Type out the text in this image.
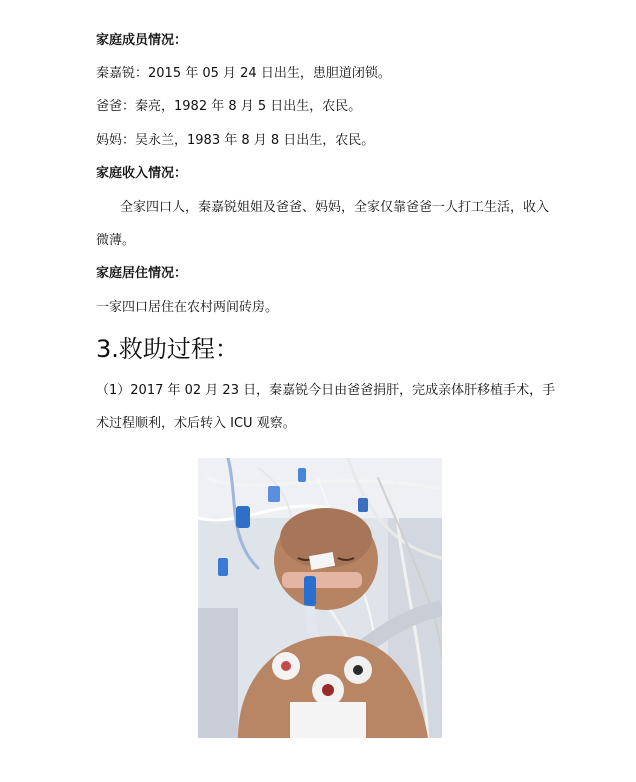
家庭成员情况：
秦嘉锐：2015 年 05 月 24 日出生，患胆道闭锁。
爸爸：秦亮，1982 年 8 月 5 日出生，农民。
妈妈：吴永兰，1983 年 8 月 8 日出生，农民。
家庭收入情况：
全家四口人，秦嘉锐姐姐及爸爸、妈妈，全家仅靠爸爸一人打工生活，收入
微薄。
家庭居住情况：
一家四口居住在农村两间砖房。
3.救助过程：
（1）2017 年 02 月 23 日，秦嘉锐今日由爸爸捐肝，完成亲体肝移植手术，手
术过程顺利，术后转入 ICU 观察。
